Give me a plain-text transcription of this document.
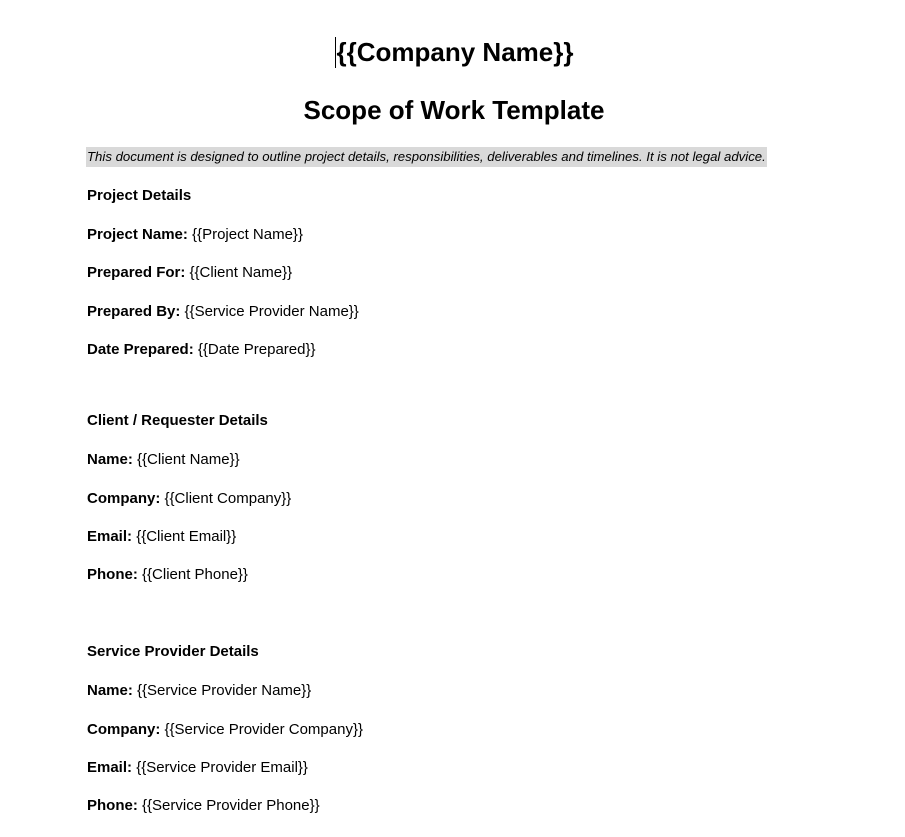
{{Company Name}}
Scope of Work Template
This document is designed to outline project details, responsibilities, deliverables and timelines. It is not legal advice.
Project Details
Project Name: {{Project Name}}
Prepared For: {{Client Name}}
Prepared By: {{Service Provider Name}}
Date Prepared: {{Date Prepared}}
Client / Requester Details
Name: {{Client Name}}
Company: {{Client Company}}
Email: {{Client Email}}
Phone: {{Client Phone}}
Service Provider Details
Name: {{Service Provider Name}}
Company: {{Service Provider Company}}
Email: {{Service Provider Email}}
Phone: {{Service Provider Phone}}
